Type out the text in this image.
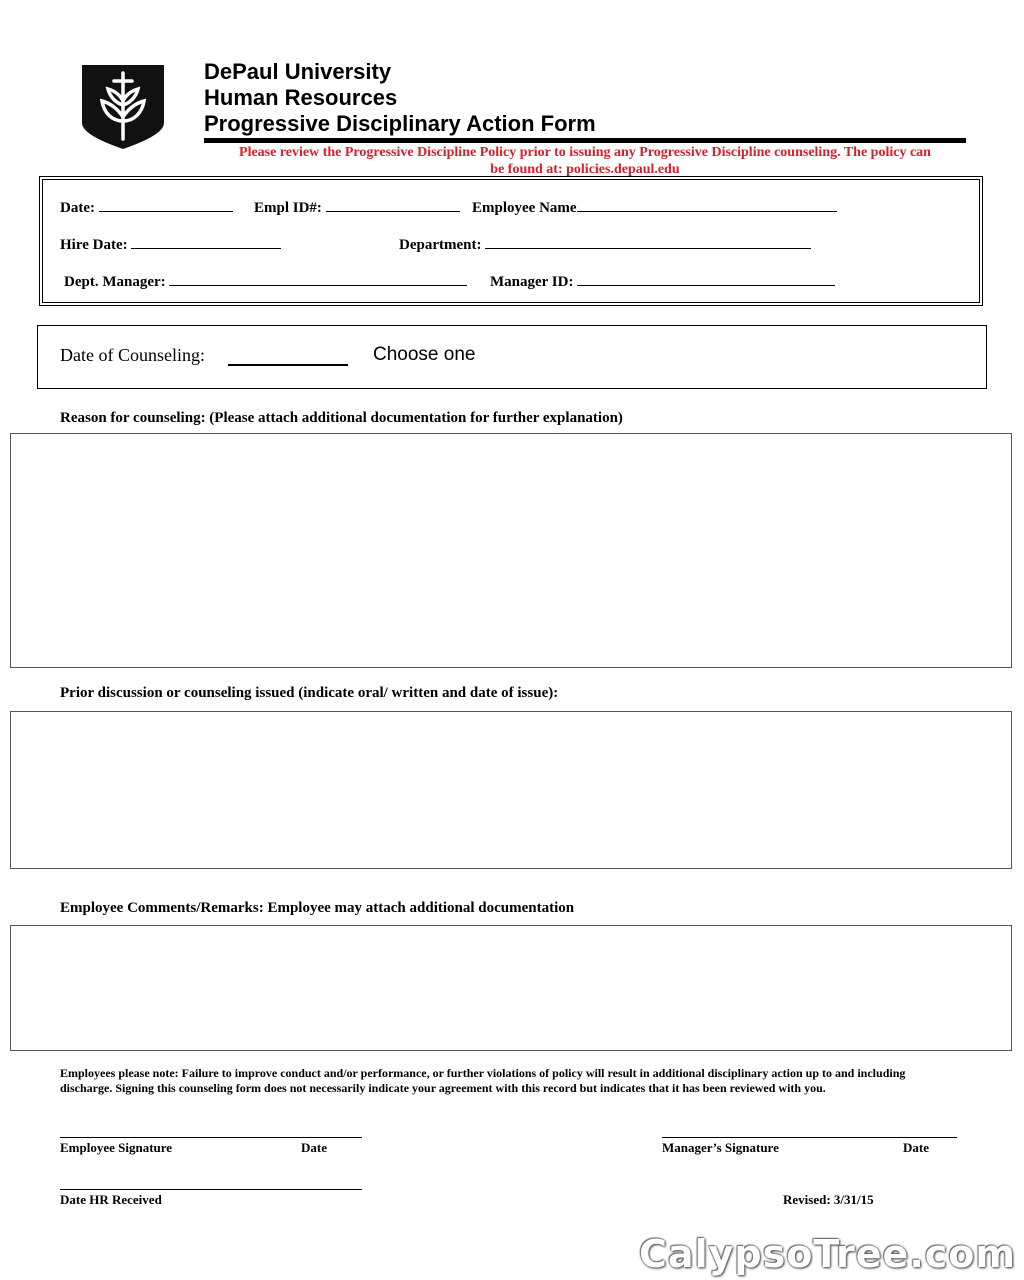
DePaul University
Human Resources
Progressive Disciplinary Action Form
Please review the Progressive Discipline Policy prior to issuing any Progressive Discipline counseling. The policy can
be found at: policies.depaul.edu
Date:	Empl ID#:	Employee Name
Hire Date:	Department:
Dept. Manager:	Manager ID:
Date of Counseling:	Choose one
Reason for counseling: (Please attach additional documentation for further explanation)
Prior discussion or counseling issued (indicate oral/ written and date of issue):
Employee Comments/Remarks: Employee may attach additional documentation
Employees please note: Failure to improve conduct and/or performance, or further violations of policy will result in additional disciplinary action up to and including discharge. Signing this counseling form does not necessarily indicate your agreement with this record but indicates that it has been reviewed with you.
Employee Signature	Date	Manager’s Signature	Date
Date HR Received	Revised: 3/31/15
CalypsoTree.com
